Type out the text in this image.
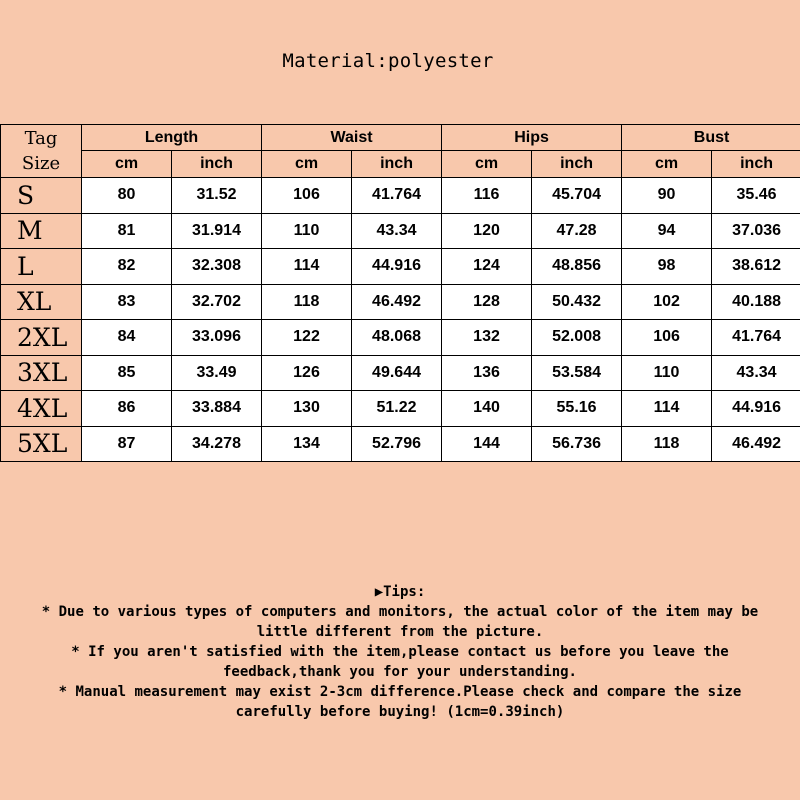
Material:polyester
Tag
Size	Length		Waist		Hips		Bust	
	cm	inch	cm	inch	cm	inch	cm	inch
S	80	31.52	106	41.764	116	45.704	90	35.46
M	81	31.914	110	43.34	120	47.28	94	37.036
L	82	32.308	114	44.916	124	48.856	98	38.612
XL	83	32.702	118	46.492	128	50.432	102	40.188
2XL	84	33.096	122	48.068	132	52.008	106	41.764
3XL	85	33.49	126	49.644	136	53.584	110	43.34
4XL	86	33.884	130	51.22	140	55.16	114	44.916
5XL	87	34.278	134	52.796	144	56.736	118	46.492
▶Tips:
* Due to various types of computers and monitors, the actual color of the item may be
little different from the picture.
* If you aren't satisfied with the item,please contact us before you leave the
feedback,thank you for your understanding.
* Manual measurement may exist 2-3cm difference.Please check and compare the size
carefully before buying! (1cm=0.39inch)
